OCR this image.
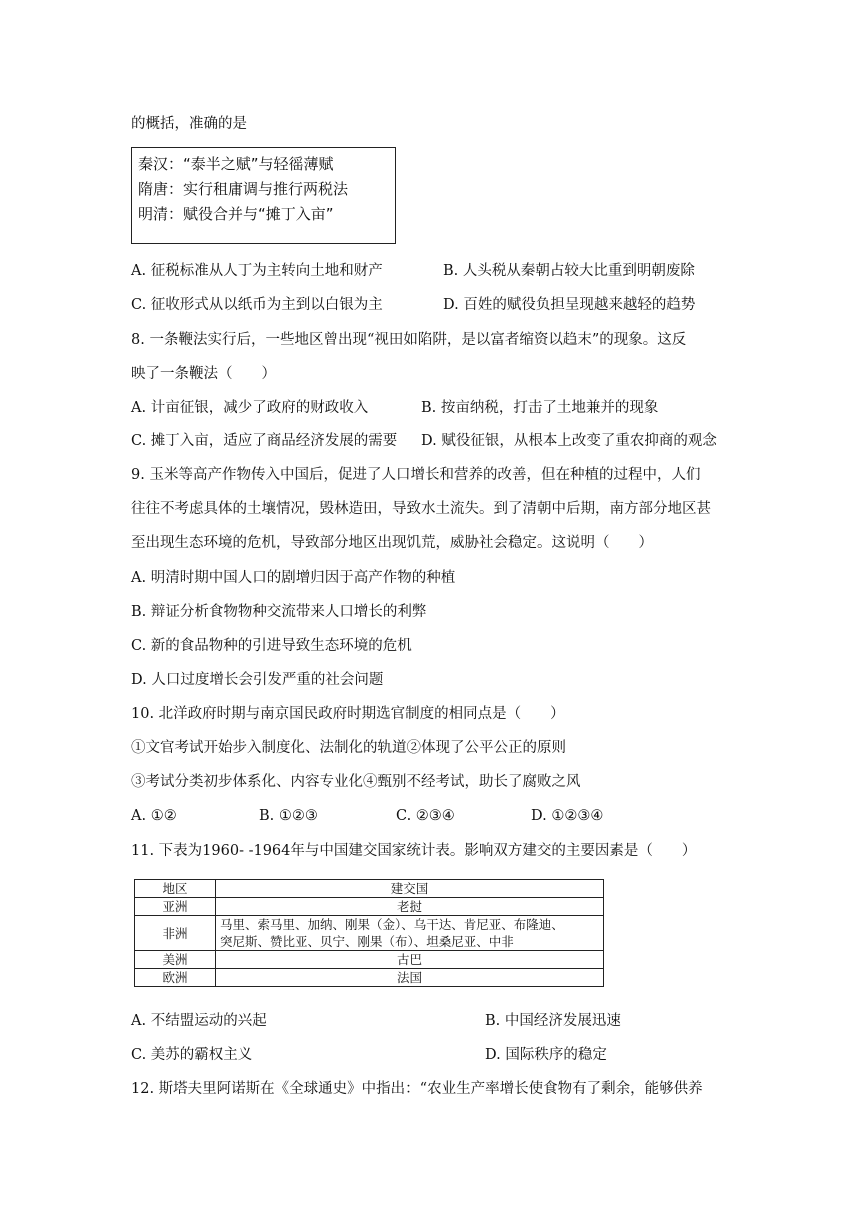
的概括，准确的是
秦汉：“泰半之赋”与轻徭薄赋
隋唐：实行租庸调与推行两税法
明清：赋役合并与“摊丁入亩”
A. 征税标准从人丁为主转向土地和财产	B. 人头税从秦朝占较大比重到明朝废除
C. 征收形式从以纸币为主到以白银为主	D. 百姓的赋役负担呈现越来越轻的趋势
8. 一条鞭法实行后，一些地区曾出现“视田如陷阱，是以富者缩资以趋末”的现象。这反
映了一条鞭法（　　）
A. 计亩征银，减少了政府的财政收入	B. 按亩纳税，打击了土地兼并的现象
C. 摊丁入亩，适应了商品经济发展的需要 D. 赋役征银，从根本上改变了重农抑商的观念
9. 玉米等高产作物传入中国后，促进了人口增长和营养的改善，但在种植的过程中，人们
往往不考虑具体的土壤情况，毁林造田，导致水土流失。到了清朝中后期，南方部分地区甚
至出现生态环境的危机，导致部分地区出现饥荒，威胁社会稳定。这说明（　　）
A. 明清时期中国人口的剧增归因于高产作物的种植
B. 辩证分析食物物种交流带来人口增长的利弊
C. 新的食品物种的引进导致生态环境的危机
D. 人口过度增长会引发严重的社会问题
10. 北洋政府时期与南京国民政府时期选官制度的相同点是（　　）
①文官考试开始步入制度化、法制化的轨道②体现了公平公正的原则
③考试分类初步体系化、内容专业化④甄别不经考试，助长了腐败之风
A. ①②	B. ①②③	C. ②③④	D. ①②③④
11. 下表为1960- -1964年与中国建交国家统计表。影响双方建交的主要因素是（　　）
地区	建交国
亚洲	老挝
非洲	马里、索马里、加纳、刚果（金）、乌干达、肯尼亚、布隆迪、
突尼斯、赞比亚、贝宁、刚果（布）、坦桑尼亚、中非

美洲	古巴
欧洲	法国
A. 不结盟运动的兴起	B. 中国经济发展迅速
C. 美苏的霸权主义	D. 国际秩序的稳定
12. 斯塔夫里阿诺斯在《全球通史》中指出：“农业生产率增长使食物有了剩余，能够供养
